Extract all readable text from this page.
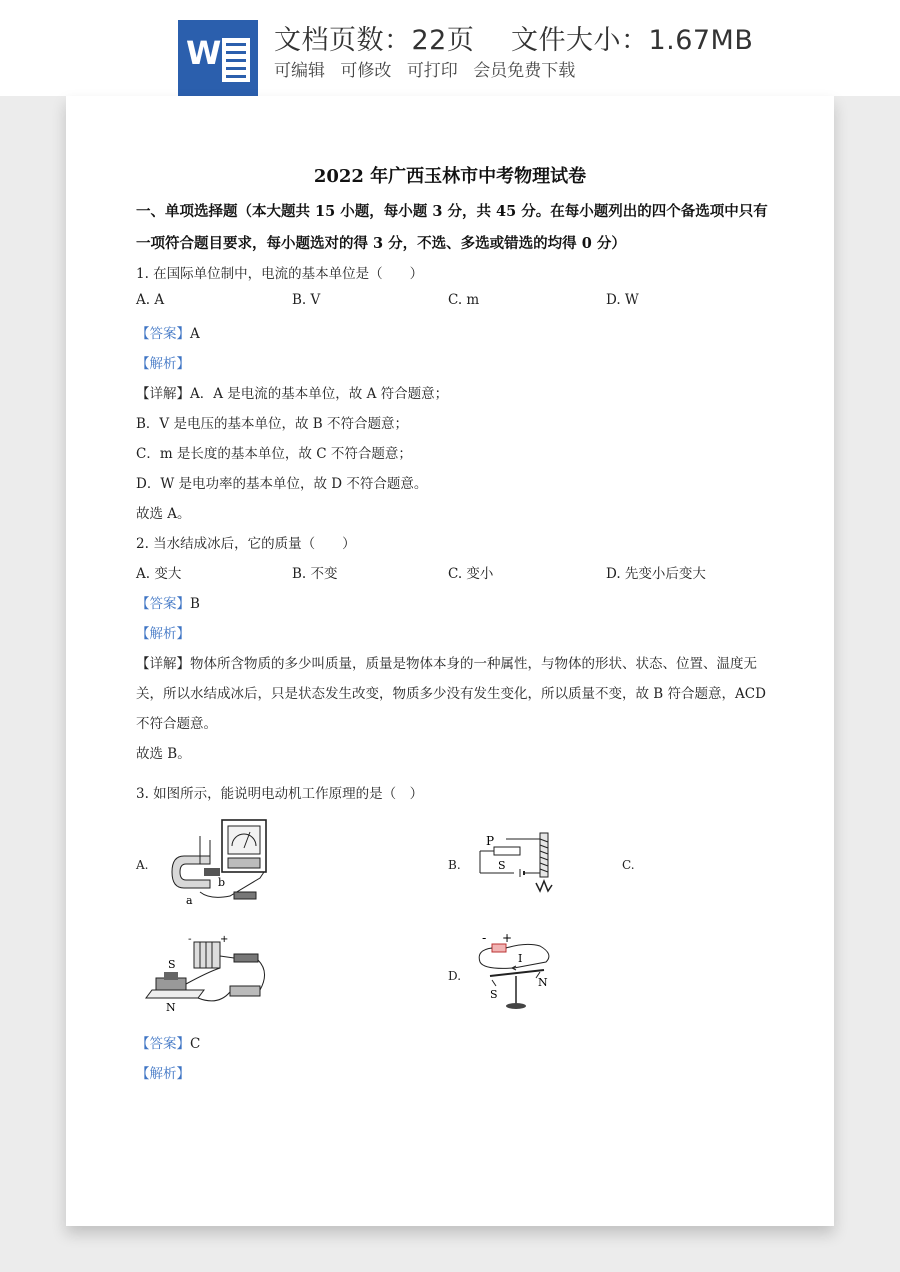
W 文档页数：22页　 文件大小：1.67MB
可编辑 可修改 可打印 会员免费下载
2022 年广西玉林市中考物理试卷
一、单项选择题（本大题共 15 小题，每小题 3 分，共 45 分。在每小题列出的四个备选项中只有一项符合题目要求，每小题选对的得 3 分，不选、多选或错选的均得 0 分）
1. 在国际单位制中，电流的基本单位是（　　）
A. A	B. V	C. m	D. W
【答案】A
【解析】
【详解】A．A 是电流的基本单位，故 A 符合题意；
B．V 是电压的基本单位，故 B 不符合题意；
C．m 是长度的基本单位，故 C 不符合题意；
D．W 是电功率的基本单位，故 D 不符合题意。
故选 A。
2. 当水结成冰后，它的质量（　　）
A. 变大	B. 不变	C. 变小	D. 先变小后变大
【答案】B
【解析】
【详解】物体所含物质的多少叫质量，质量是物体本身的一种属性，与物体的形状、状态、位置、温度无
关，所以水结成冰后，只是状态发生改变，物质多少没有发生变化，所以质量不变，故 B 符合题意，ACD
不符合题意。
故选 B。
3. 如图所示，能说明电动机工作原理的是（　）
A.
a
b
B.
P
S	C.
S
N
-	+
D.
- +
I
S
N
【答案】C
【解析】
